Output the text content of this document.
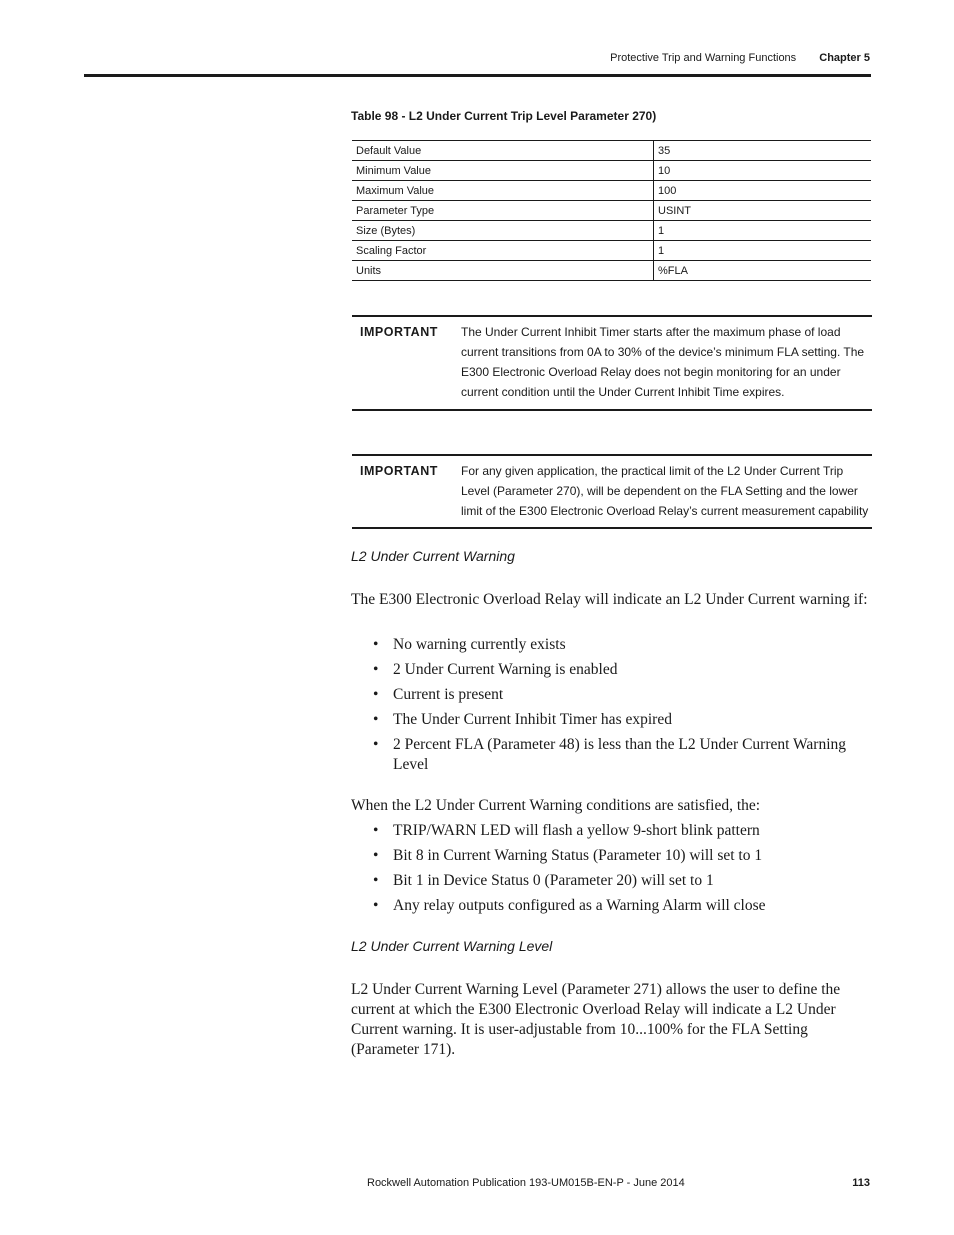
Protective Trip and Warning Functions Chapter 5
Table 98 - L2 Under Current Trip Level Parameter 270)
Default Value	35
Minimum Value	10
Maximum Value	100
Parameter Type	USINT
Size (Bytes)	1
Scaling Factor	1
Units	%FLA
IMPORTANT The Under Current Inhibit Timer starts after the maximum phase of load current transitions from 0A to 30% of the device’s minimum FLA setting. The E300 Electronic Overload Relay does not begin monitoring for an under current condition until the Under Current Inhibit Time expires.
IMPORTANT For any given application, the practical limit of the L2 Under Current Trip Level (Parameter 270), will be dependent on the FLA Setting and the lower limit of the E300 Electronic Overload Relay’s current measurement capability
L2 Under Current Warning
The E300 Electronic Overload Relay will indicate an L2 Under Current warning if:
• No warning currently exists
• 2 Under Current Warning is enabled
• Current is present
• The Under Current Inhibit Timer has expired
• 2 Percent FLA (Parameter 48) is less than the L2 Under Current Warning Level
When the L2 Under Current Warning conditions are satisfied, the:
• TRIP/WARN LED will flash a yellow 9-short blink pattern
• Bit 8 in Current Warning Status (Parameter 10) will set to 1
• Bit 1 in Device Status 0 (Parameter 20) will set to 1
• Any relay outputs configured as a Warning Alarm will close
L2 Under Current Warning Level
L2 Under Current Warning Level (Parameter 271) allows the user to define the current at which the E300 Electronic Overload Relay will indicate a L2 Under Current warning. It is user-adjustable from 10...100% for the FLA Setting (Parameter 171).
Rockwell Automation Publication 193-UM015B-EN-P - June 2014	113
